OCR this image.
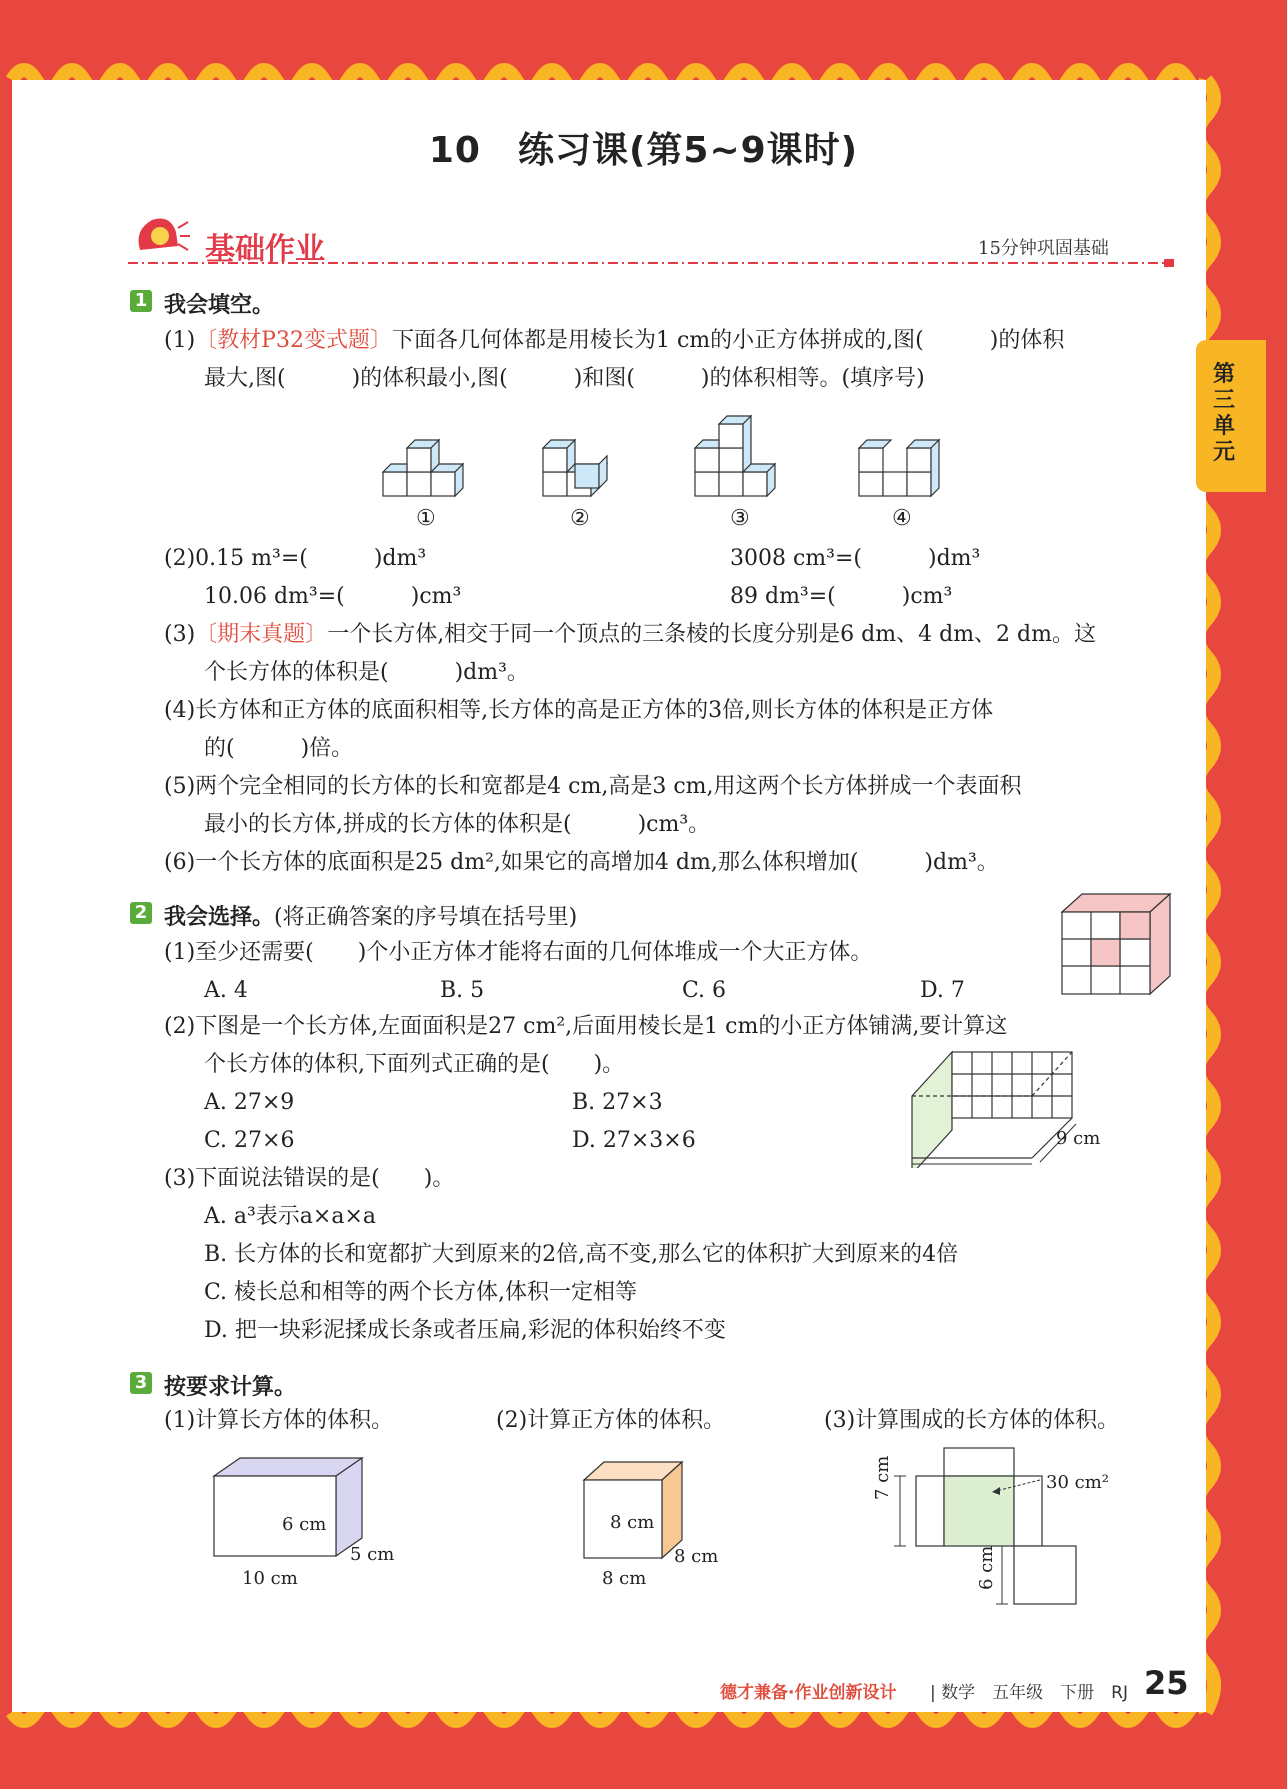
第三单元
10　练习课(第5~9课时)
基础作业	15分钟巩固基础
1 我会填空。
(1)〔教材P32变式题〕下面各几何体都是用棱长为1 cm的小正方体拼成的,图(　　　)的体积
最大,图(　　　)的体积最小,图(　　　)和图(　　　)的体积相等。(填序号)
①	②	③	④
(2)0.15 m³=(　　　)dm³	3008 cm³=(　　　)dm³
10.06 dm³=(　　　)cm³	89 dm³=(　　　)cm³
(3)〔期末真题〕一个长方体,相交于同一个顶点的三条棱的长度分别是6 dm、4 dm、2 dm。这
个长方体的体积是(　　　)dm³。
(4)长方体和正方体的底面积相等,长方体的高是正方体的3倍,则长方体的体积是正方体
的(　　　)倍。
(5)两个完全相同的长方体的长和宽都是4 cm,高是3 cm,用这两个长方体拼成一个表面积
最小的长方体,拼成的长方体的体积是(　　　)cm³。
(6)一个长方体的底面积是25 dm²,如果它的高增加4 dm,那么体积增加(　　　)dm³。
2 我会选择。(将正确答案的序号填在括号里)
(1)至少还需要(　　)个小正方体才能将右面的几何体堆成一个大正方体。
A. 4	B. 5	C. 6	D. 7
(2)下图是一个长方体,左面面积是27 cm²,后面用棱长是1 cm的小正方体铺满,要计算这
个长方体的体积,下面列式正确的是(　　)。
9 cm
A. 27×9	B. 27×3
C. 27×6	D. 27×3×6
(3)下面说法错误的是(　　)。
A. a³表示a×a×a
B. 长方体的长和宽都扩大到原来的2倍,高不变,那么它的体积扩大到原来的4倍
C. 棱长总和相等的两个长方体,体积一定相等
D. 把一块彩泥揉成长条或者压扁,彩泥的体积始终不变
3 按要求计算。
(1)计算长方体的体积。	(2)计算正方体的体积。	(3)计算围成的长方体的体积。
6 cm
5 cm
10 cm
8 cm
8 cm
8 cm
30 cm²
7 cm
6 cm
德才兼备·作业创新设计 | 数学　五年级　下册　RJ 25
